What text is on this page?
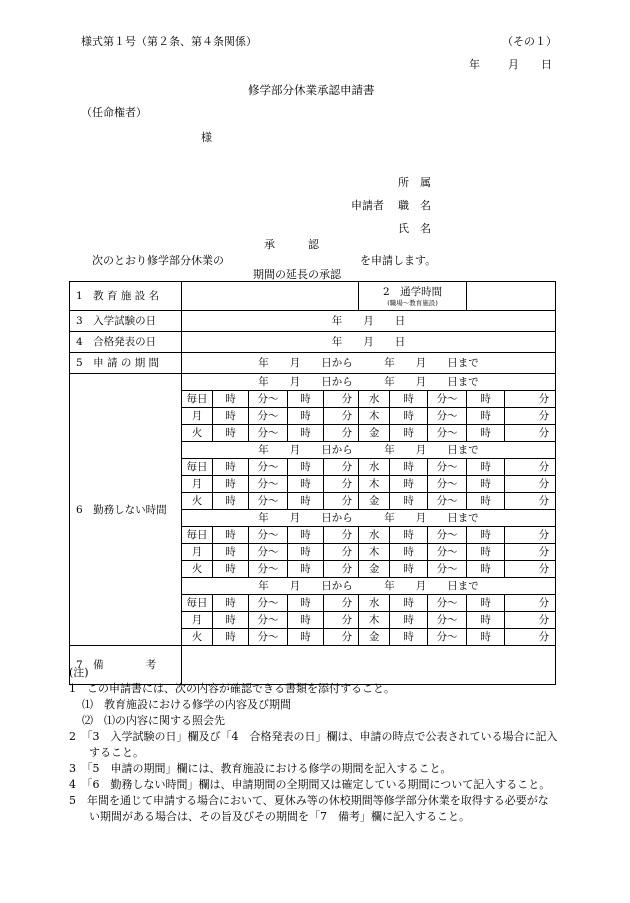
様式第１号（第２条、第４条関係）	（その１）
年	月 日
修学部分休業承認申請書
（任命権者）
様
所　属
申請者 職　名
氏　名
承　　　認
次のとおり修学部分休業の	を申請します。
期間の延長の承認
1　教 育 施 設 名						2　通学時間
(職場～教育施設)				

3　入学試験の日	年　　月　　日									
4　合格発表の日	年　　月　　日									
5　申 請 の 期 間	年　　月　　日から　　　年　　月　　日まで									
6　勤務しない時間	年　　月　　日から　　　年　　月　　日まで									
	毎日	時	分～	時	分	水	時	分～	時	分
	月	時	分～	時	分	木	時	分～	時	分
	火	時	分～	時	分	金	時	分～	時	分
	年　　月　　日から　　　年　　月　　日まで									
	毎日	時	分～	時	分	水	時	分～	時	分
	月	時	分～	時	分	木	時	分～	時	分
	火	時	分～	時	分	金	時	分～	時	分
	年　　月　　日から　　　年　　月　　日まで									
	毎日	時	分～	時	分	水	時	分～	時	分
	月	時	分～	時	分	木	時	分～	時	分
	火	時	分～	時	分	金	時	分～	時	分
	年　　月　　日から　　　年　　月　　日まで									
	毎日	時	分～	時	分	水	時	分～	時	分
	月	時	分～	時	分	木	時	分～	時	分
	火	時	分～	時	分	金	時	分～	時	分
7　備　　　　考										
(注)
1　この申請書には、次の内容が確認できる書類を添付すること。
⑴　教育施設における修学の内容及び期間
⑵　⑴の内容に関する照会先
2　「3　入学試験の日」欄及び「4　合格発表の日」欄は、申請の時点で公表されている場合に記入すること。
3　「5　申請の期間」欄には、教育施設における修学の期間を記入すること。
4　「6　勤務しない時間」欄は、申請期間の全期間又は確定している期間について記入すること。
5　年間を通じて申請する場合において、夏休み等の休校期間等修学部分休業を取得する必要がない期間がある場合は、その旨及びその期間を「7　備考」欄に記入すること。
